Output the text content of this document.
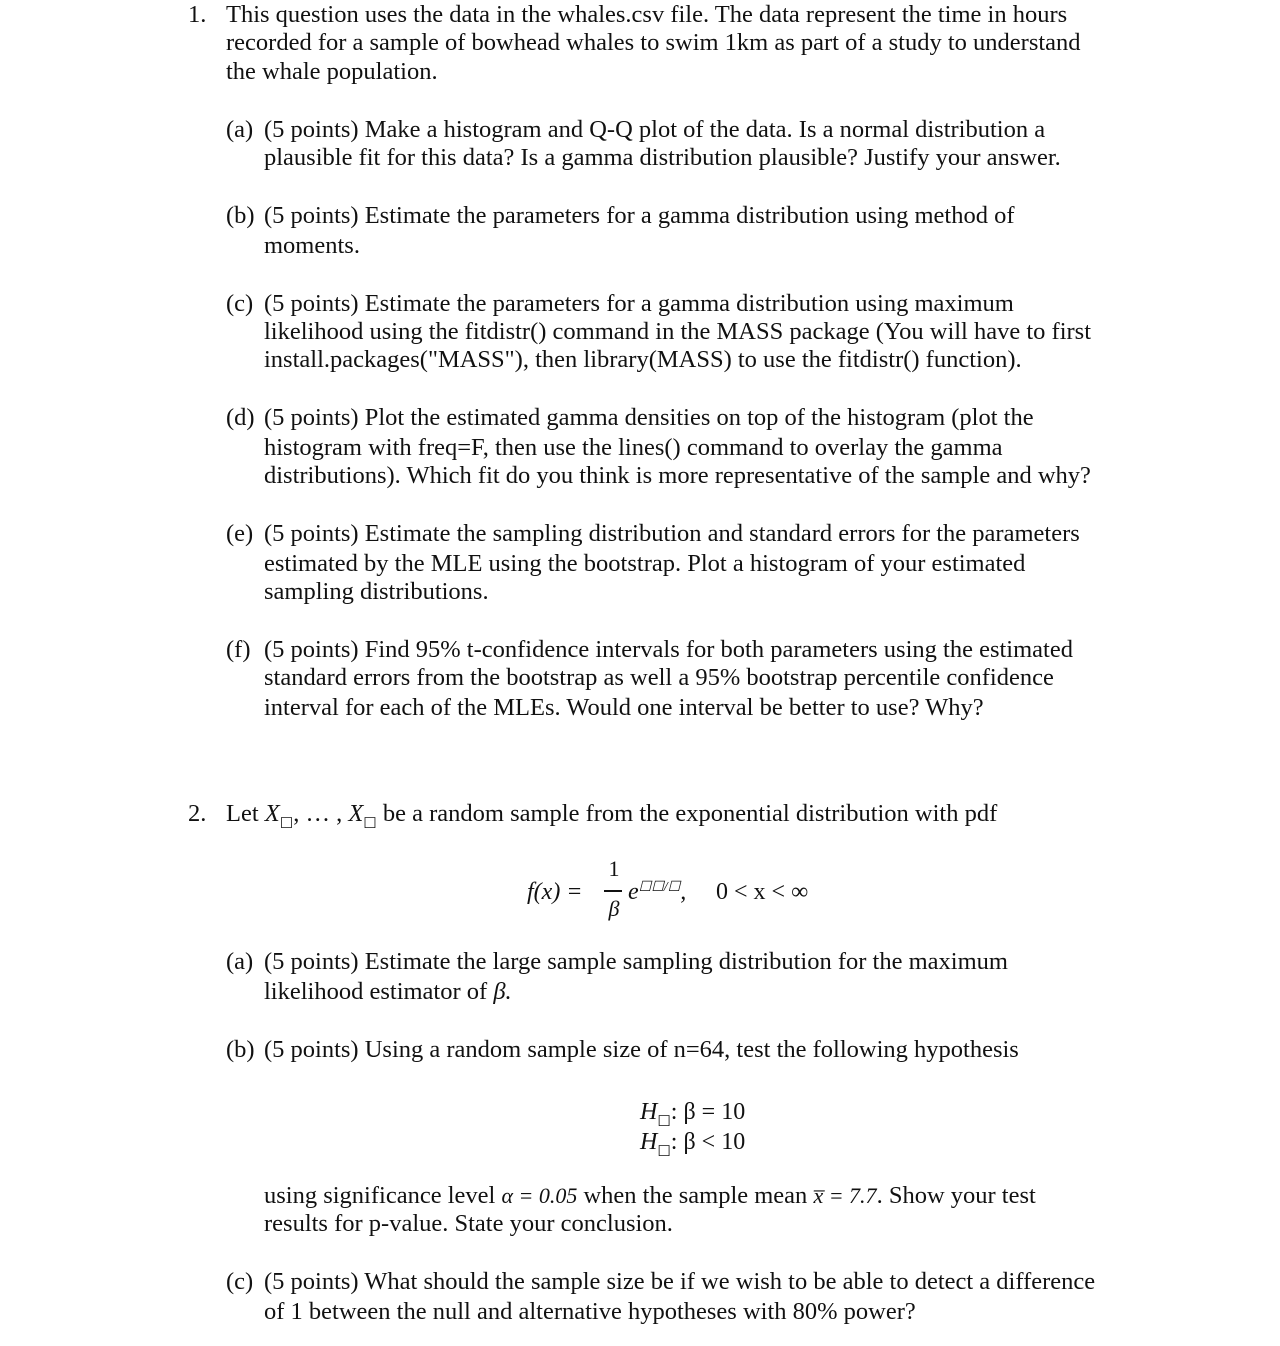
1. This question uses the data in the whales.csv file. The data represent the time in hours
recorded for a sample of bowhead whales to swim 1km as part of a study to understand
the whale population.
(a) (5 points) Make a histogram and Q-Q plot of the data. Is a normal distribution a
plausible fit for this data? Is a gamma distribution plausible? Justify your answer.
(b) (5 points) Estimate the parameters for a gamma distribution using method of
moments.
(c) (5 points) Estimate the parameters for a gamma distribution using maximum
likelihood using the fitdistr() command in the MASS package (You will have to first
install.packages("MASS"), then library(MASS) to use the fitdistr() function).
(d) (5 points) Plot the estimated gamma densities on top of the histogram (plot the
histogram with freq=F, then use the lines() command to overlay the gamma
distributions). Which fit do you think is more representative of the sample and why?
(e) (5 points) Estimate the sampling distribution and standard errors for the parameters
estimated by the MLE using the bootstrap. Plot a histogram of your estimated
sampling distributions.
(f) (5 points) Find 95% t-confidence intervals for both parameters using the estimated
standard errors from the bootstrap as well a 95% bootstrap percentile confidence
interval for each of the MLEs. Would one interval be better to use? Why?
2. Let $X_☐$, … , $X_☐$ be a random sample from the exponential distribution with pdf
f(x) =
1
β
e☐☐/☐, 0 < x < ∞
(a) (5 points) Estimate the large sample sampling distribution for the maximum
likelihood estimator of β.
(b) (5 points) Using a random sample size of n=64, test the following hypothesis
$H_☐$: β = 10
$H_☐$: β < 10
using significance level α = 0.05 when the sample mean x̅ = 7.7. Show your test
results for p-value. State your conclusion.
(c) (5 points) What should the sample size be if we wish to be able to detect a difference
of 1 between the null and alternative hypotheses with 80% power?
